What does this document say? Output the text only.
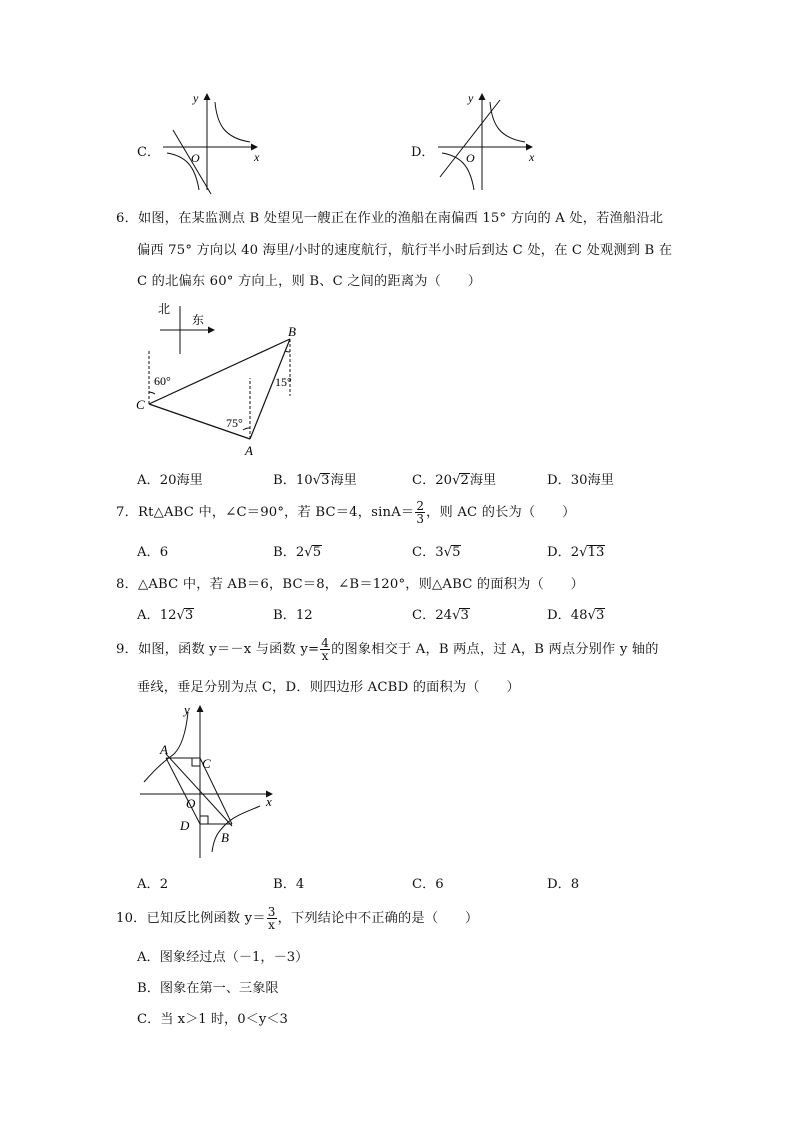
C．	x
y
O	D．	x
y
O
6．如图，在某监测点 B 处望见一艘正在作业的渔船在南偏西 15° 方向的 A 处，若渔船沿北
偏西 75° 方向以 40 海里/小时的速度航行，航行半小时后到达 C 处，在 C 处观测到 B 在
C 的北偏东 60° 方向上，则 B、C 之间的距离为（　　）
北
东
B
C
A
60°
75°
15°
A．20海里	B．10√3海里	C．20√2海里	D．30海里
7．Rt△ABC 中，∠C＝90°，若 BC＝4，$\sin A= \frac{2}{3}$ ，则 AC 的长为（　　）
A．6	B．2√5	C．3√5	D．2√13
8．△ABC 中，若 AB＝6，BC＝8，∠B＝120°，则△ABC 的面积为（　　）
A．12√3	B．12	C．24√3	D．48√3
9．如图，函数 y＝－x 与函数 $y= \frac{4}{x}$ 的图象相交于 A，B 两点，过 A，B 两点分别作 y 轴的
垂线，垂足分别为点 C，D．则四边形 ACBD 的面积为（　　）
A
C
O
D
B
x
y
A．2	B．4	C．6	D．8
10．已知反比例函数 $y= \frac{3}{x}$ ，下列结论中不正确的是（　　）
A．图象经过点（－1，－3）
B．图象在第一、三象限
C．当 x＞1 时，0＜y＜3
